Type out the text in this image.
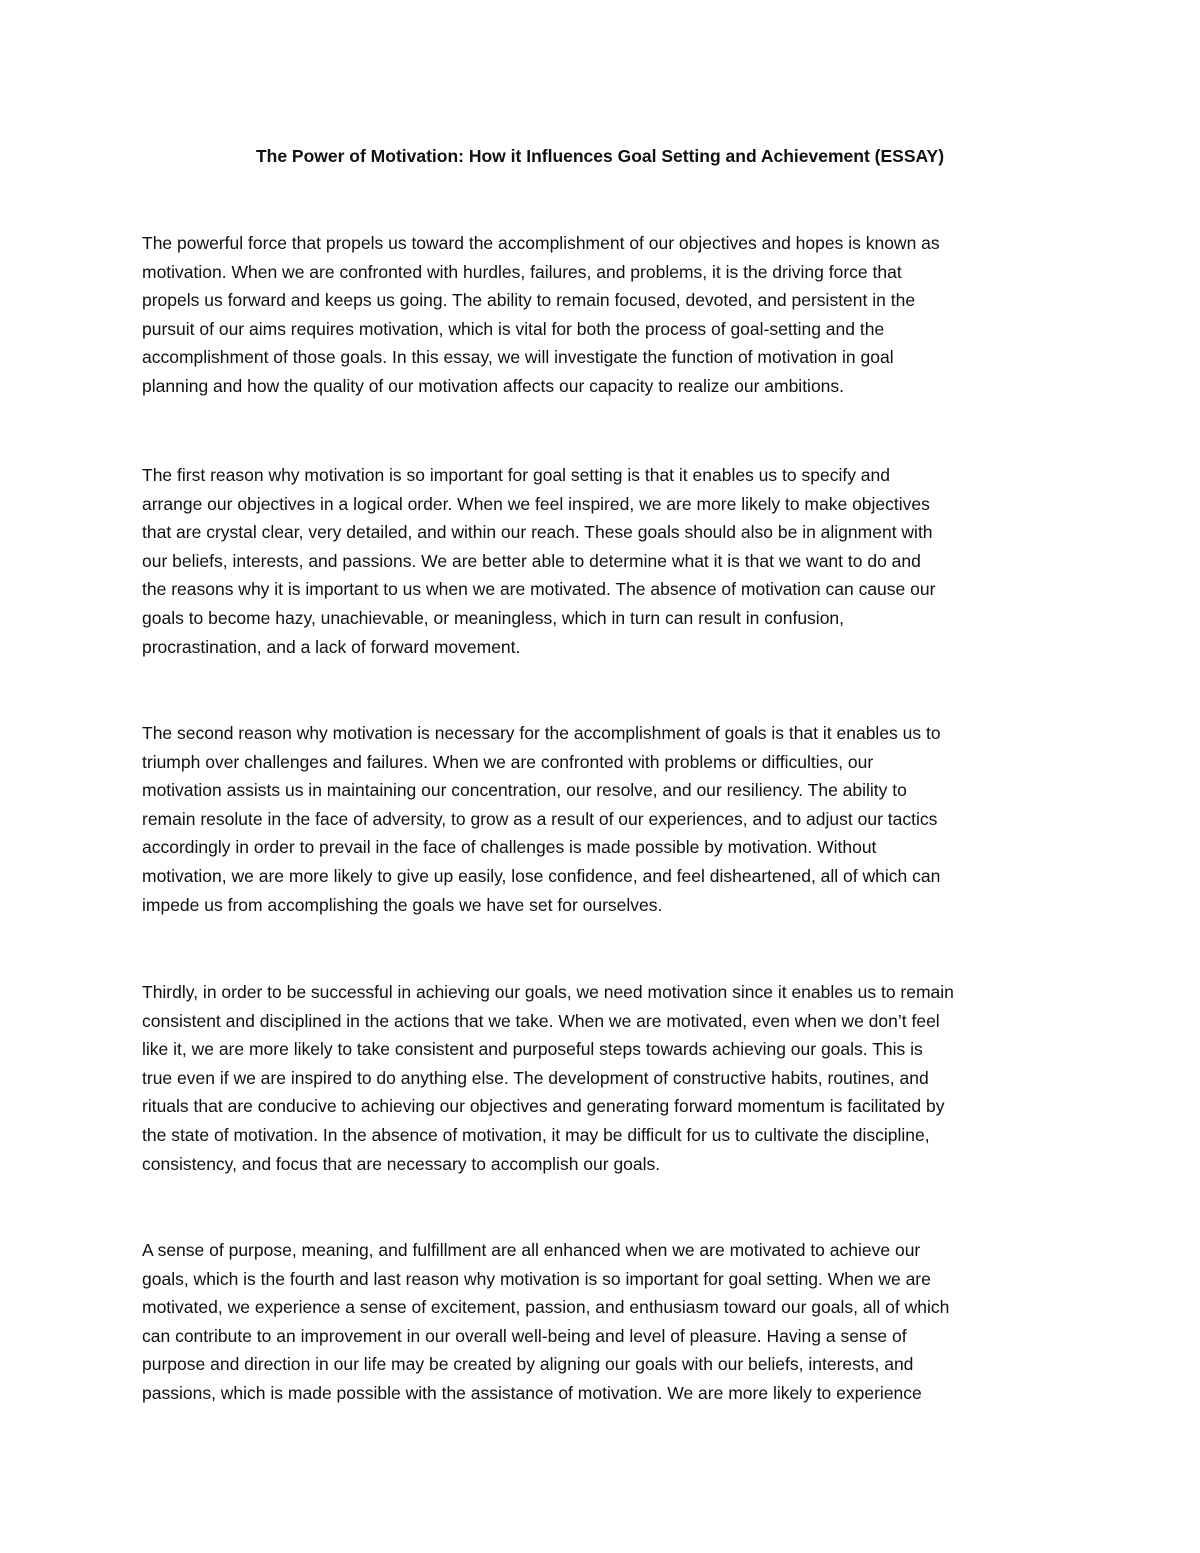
The Power of Motivation: How it Influences Goal Setting and Achievement (ESSAY)

The powerful force that propels us toward the accomplishment of our objectives and hopes is known as
motivation. When we are confronted with hurdles, failures, and problems, it is the driving force that
propels us forward and keeps us going. The ability to remain focused, devoted, and persistent in the
pursuit of our aims requires motivation, which is vital for both the process of goal-setting and the
accomplishment of those goals. In this essay, we will investigate the function of motivation in goal
planning and how the quality of our motivation affects our capacity to realize our ambitions.

The first reason why motivation is so important for goal setting is that it enables us to specify and
arrange our objectives in a logical order. When we feel inspired, we are more likely to make objectives
that are crystal clear, very detailed, and within our reach. These goals should also be in alignment with
our beliefs, interests, and passions. We are better able to determine what it is that we want to do and
the reasons why it is important to us when we are motivated. The absence of motivation can cause our
goals to become hazy, unachievable, or meaningless, which in turn can result in confusion,
procrastination, and a lack of forward movement.

The second reason why motivation is necessary for the accomplishment of goals is that it enables us to
triumph over challenges and failures. When we are confronted with problems or difficulties, our
motivation assists us in maintaining our concentration, our resolve, and our resiliency. The ability to
remain resolute in the face of adversity, to grow as a result of our experiences, and to adjust our tactics
accordingly in order to prevail in the face of challenges is made possible by motivation. Without
motivation, we are more likely to give up easily, lose confidence, and feel disheartened, all of which can
impede us from accomplishing the goals we have set for ourselves.

Thirdly, in order to be successful in achieving our goals, we need motivation since it enables us to remain
consistent and disciplined in the actions that we take. When we are motivated, even when we don’t feel
like it, we are more likely to take consistent and purposeful steps towards achieving our goals. This is
true even if we are inspired to do anything else. The development of constructive habits, routines, and
rituals that are conducive to achieving our objectives and generating forward momentum is facilitated by
the state of motivation. In the absence of motivation, it may be difficult for us to cultivate the discipline,
consistency, and focus that are necessary to accomplish our goals.

A sense of purpose, meaning, and fulfillment are all enhanced when we are motivated to achieve our
goals, which is the fourth and last reason why motivation is so important for goal setting. When we are
motivated, we experience a sense of excitement, passion, and enthusiasm toward our goals, all of which
can contribute to an improvement in our overall well-being and level of pleasure. Having a sense of
purpose and direction in our life may be created by aligning our goals with our beliefs, interests, and
passions, which is made possible with the assistance of motivation. We are more likely to experience
